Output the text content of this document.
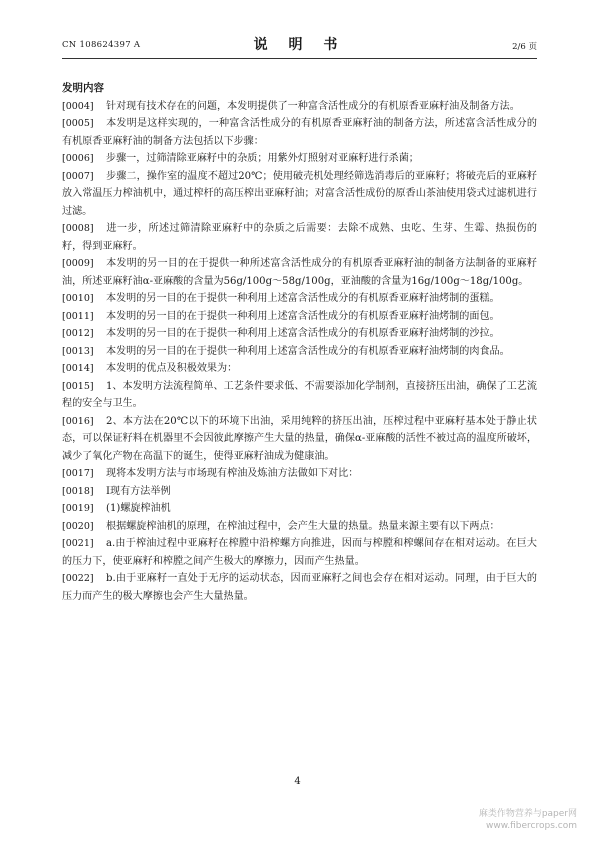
CN 108624397 A	说 明 书	2/6 页

发明内容

[0004] 针对现有技术存在的问题，本发明提供了一种富含活性成分的有机原香亚麻籽油及制备方法。

[0005] 本发明是这样实现的，一种富含活性成分的有机原香亚麻籽油的制备方法，所述富含活性成分的有机原香亚麻籽油的制备方法包括以下步骤：

[0006] 步骤一，过筛清除亚麻籽中的杂质；用紫外灯照射对亚麻籽进行杀菌；

[0007] 步骤二，操作室的温度不超过20℃；使用破壳机处理经筛选消毒后的亚麻籽；将破壳后的亚麻籽放入常温压力榨油机中，通过榨杆的高压榨出亚麻籽油；对富含活性成份的原香山茶油使用袋式过滤机进行过滤。

[0008] 进一步，所述过筛清除亚麻籽中的杂质之后需要：去除不成熟、虫吃、生芽、生霉、热损伤的籽，得到亚麻籽。

[0009] 本发明的另一目的在于提供一种所述富含活性成分的有机原香亚麻籽油的制备方法制备的亚麻籽油，所述亚麻籽油α-亚麻酸的含量为56g/100g～58g/100g，亚油酸的含量为16g/100g～18g/100g。

[0010] 本发明的另一目的在于提供一种利用上述富含活性成分的有机原香亚麻籽油烤制的蛋糕。

[0011] 本发明的另一目的在于提供一种利用上述富含活性成分的有机原香亚麻籽油烤制的面包。

[0012] 本发明的另一目的在于提供一种利用上述富含活性成分的有机原香亚麻籽油烤制的沙拉。

[0013] 本发明的另一目的在于提供一种利用上述富含活性成分的有机原香亚麻籽油烤制的肉食品。

[0014] 本发明的优点及积极效果为：

[0015] 1、本发明方法流程简单、工艺条件要求低、不需要添加化学制剂，直接挤压出油，确保了工艺流程的安全与卫生。

[0016] 2、本方法在20℃以下的环境下出油，采用纯粹的挤压出油，压榨过程中亚麻籽基本处于静止状态，可以保证籽料在机器里不会因彼此摩擦产生大量的热量，确保α-亚麻酸的活性不被过高的温度所破坏，减少了氧化产物在高温下的诞生，使得亚麻籽油成为健康油。

[0017] 现将本发明方法与市场现有榨油及炼油方法做如下对比：

[0018] Ⅰ现有方法举例

[0019] (1)螺旋榨油机

[0020] 根据螺旋榨油机的原理，在榨油过程中，会产生大量的热量。热量来源主要有以下两点：

[0021] a.由于榨油过程中亚麻籽在榨膛中沿榨螺方向推进，因而与榨膛和榨螺间存在相对运动。在巨大的压力下，使亚麻籽和榨膛之间产生极大的摩擦力，因而产生热量。

[0022] b.由于亚麻籽一直处于无序的运动状态，因而亚麻籽之间也会存在相对运动。同理，由于巨大的压力而产生的极大摩擦也会产生大量热量。

4
麻类作物营养与paper网
www.fibercrops.com
